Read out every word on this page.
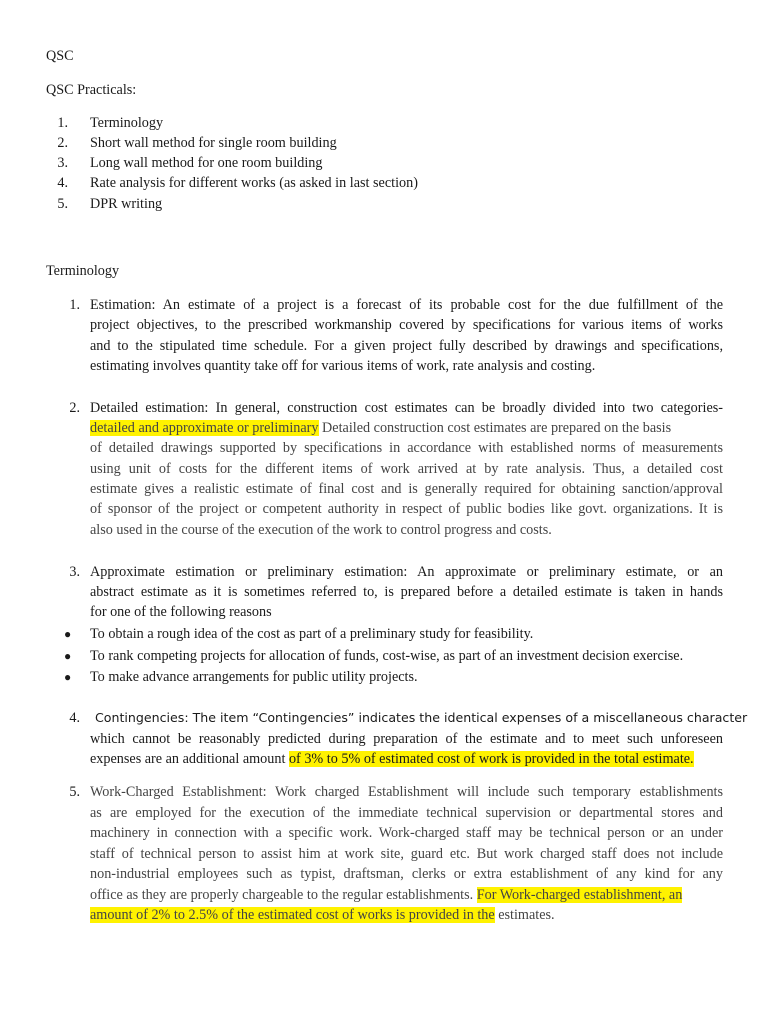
QSC
QSC Practicals:
1. Terminology
2. Short wall method for single room building
3. Long wall method for one room building
4. Rate analysis for different works (as asked in last section)
5. DPR writing
Terminology
1. Estimation: An estimate of a project is a forecast of its probable cost for the due fulfillment of the
project objectives, to the prescribed workmanship covered by specifications for various items of works
and to the stipulated time schedule. For a given project fully described by drawings and specifications,
estimating involves quantity take off for various items of work, rate analysis and costing.
2. Detailed estimation: In general, construction cost estimates can be broadly divided into two categories-
detailed and approximate or preliminary Detailed construction cost estimates are prepared on the basis
of detailed drawings supported by specifications in accordance with established norms of measurements
using unit of costs for the different items of work arrived at by rate analysis. Thus, a detailed cost
estimate gives a realistic estimate of final cost and is generally required for obtaining sanction/approval
of sponsor of the project or competent authority in respect of public bodies like govt. organizations. It is
also used in the course of the execution of the work to control progress and costs.
3. Approximate estimation or preliminary estimation: An approximate or preliminary estimate, or an
abstract estimate as it is sometimes referred to, is prepared before a detailed estimate is taken in hands
for one of the following reasons
● To obtain a rough idea of the cost as part of a preliminary study for feasibility.
● To rank competing projects for allocation of funds, cost-wise, as part of an investment decision exercise.
● To make advance arrangements for public utility projects.
4. Contingencies: The item “Contingencies” indicates the identical expenses of a miscellaneous character
which cannot be reasonably predicted during preparation of the estimate and to meet such unforeseen
expenses are an additional amount of 3% to 5% of estimated cost of work is provided in the total estimate.
5. Work-Charged Establishment: Work charged Establishment will include such temporary establishments
as are employed for the execution of the immediate technical supervision or departmental stores and
machinery in connection with a specific work. Work-charged staff may be technical person or an under
staff of technical person to assist him at work site, guard etc. But work charged staff does not include
non-industrial employees such as typist, draftsman, clerks or extra establishment of any kind for any
office as they are properly chargeable to the regular establishments. For Work-charged establishment, an
amount of 2% to 2.5% of the estimated cost of works is provided in the estimates.
